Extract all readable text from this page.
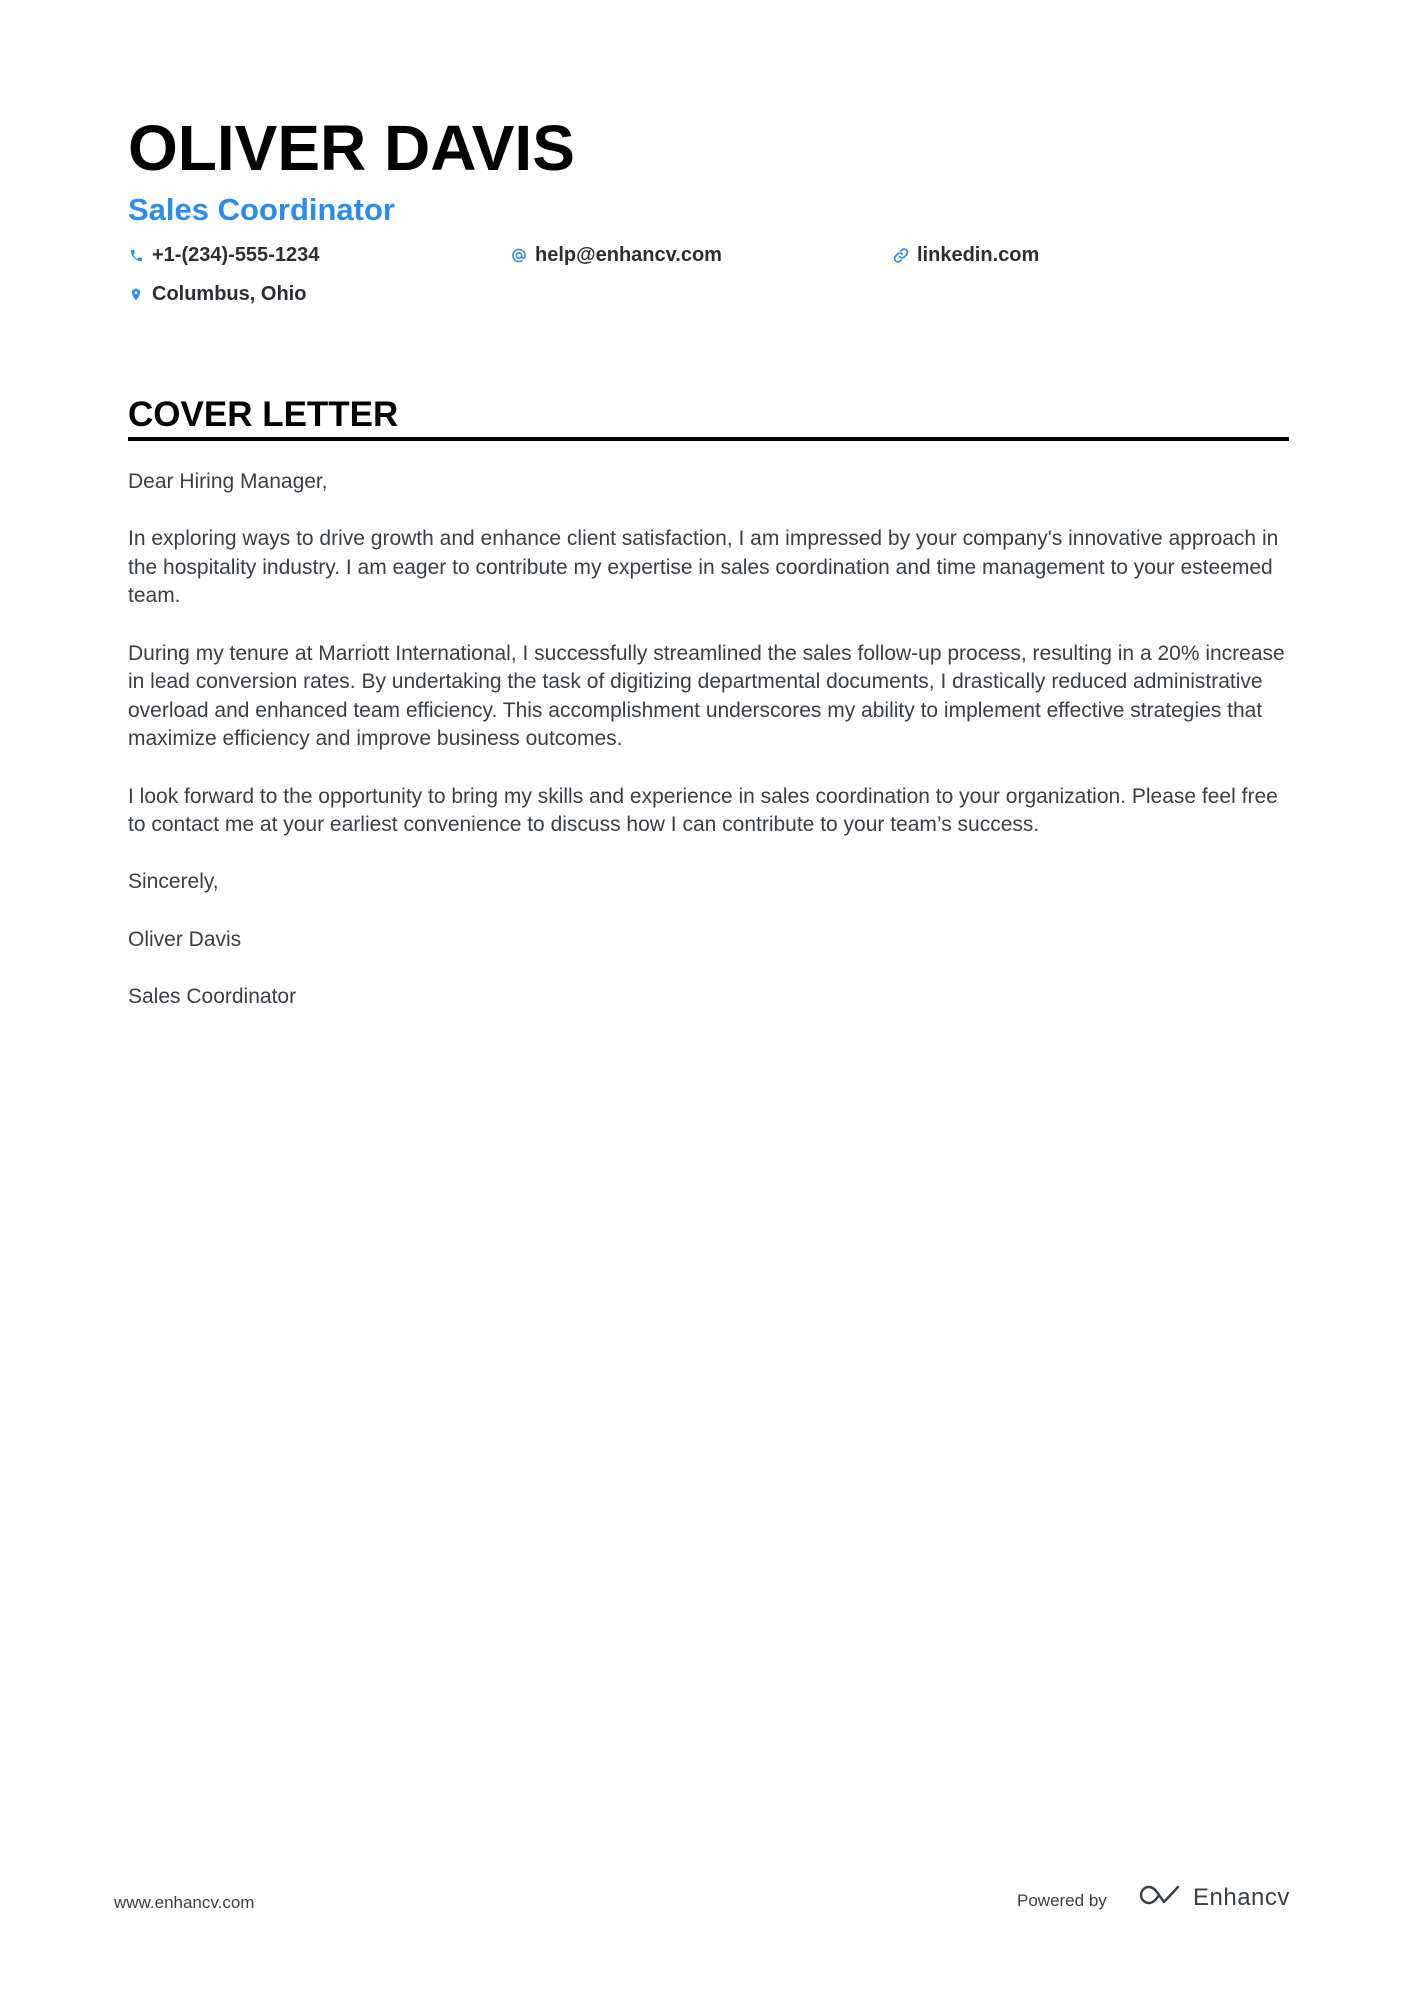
OLIVER DAVIS
Sales Coordinator
+1-(234)-555-1234	help@enhancv.com	linkedin.com
Columbus, Ohio
COVER LETTER

Dear Hiring Manager,

In exploring ways to drive growth and enhance client satisfaction, I am impressed by your company's innovative approach in the hospitality industry. I am eager to contribute my expertise in sales coordination and time management to your esteemed team.

During my tenure at Marriott International, I successfully streamlined the sales follow-up process, resulting in a 20% increase in lead conversion rates. By undertaking the task of digitizing departmental documents, I drastically reduced administrative overload and enhanced team efficiency. This accomplishment underscores my ability to implement effective strategies that maximize efficiency and improve business outcomes.

I look forward to the opportunity to bring my skills and experience in sales coordination to your organization. Please feel free to contact me at your earliest convenience to discuss how I can contribute to your team’s success.

Sincerely,

Oliver Davis

Sales Coordinator

www.enhancv.com	Powered by	Enhancv
